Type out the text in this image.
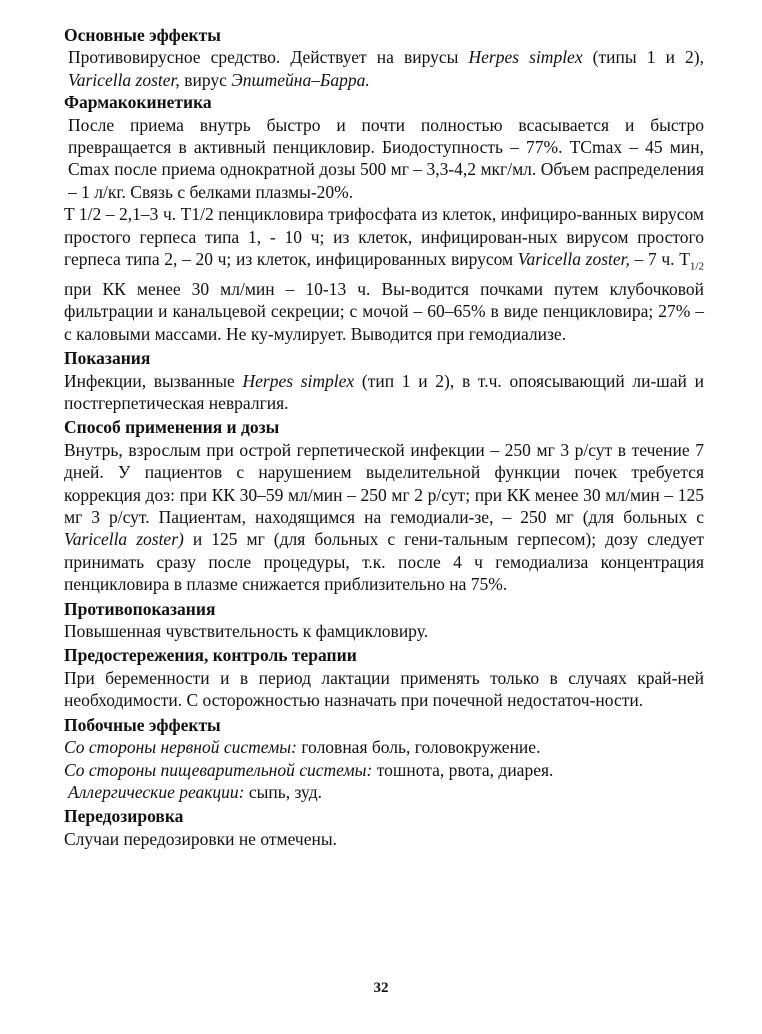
Основные эффекты

Противовирусное средство. Действует на вирусы Herpes simplex (типы 1 и 2), Varicella zoster, вирус Эпштейна–Барра.

Фармакокинетика

После приема внутрь быстро и почти полностью всасывается и быстро превращается в активный пенцикловир. Биодоступность – 77%. TCmax – 45 мин, Cmax после приема однократной дозы 500 мг – 3,3-4,2 мкг/мл. Объем распределения – 1 л/кг. Связь с белками плазмы-20%.

T 1/2 – 2,1–3 ч. T1/2 пенцикловира трифосфата из клеток, инфициро-ванных вирусом простого герпеса типа 1, - 10 ч; из клеток, инфицирован-ных вирусом простого герпеса типа 2, – 20 ч; из клеток, инфицированных вирусом Varicella zoster, – 7 ч. $T_{1/2}$ при КК менее 30 мл/мин – 10-13 ч. Вы-водится почками путем клубочковой фильтрации и канальцевой секреции; с мочой – 60–65% в виде пенцикловира; 27% – с каловыми массами. Не ку-мулирует. Выводится при гемодиализе.

Показания

Инфекции, вызванные Herpes simplex (тип 1 и 2), в т.ч. опоясывающий ли-шай и постгерпетическая невралгия.

Способ применения и дозы

Внутрь, взрослым при острой герпетической инфекции – 250 мг 3 р/сут в течение 7 дней. У пациентов с нарушением выделительной функции почек требуется коррекция доз: при КК 30–59 мл/мин – 250 мг 2 р/сут; при КК менее 30 мл/мин – 125 мг 3 р/сут. Пациентам, находящимся на гемодиали-зе, – 250 мг (для больных с Varicella zoster) и 125 мг (для больных с гени-тальным герпесом); дозу следует принимать сразу после процедуры, т.к. после 4 ч гемодиализа концентрация пенцикловира в плазме снижается приблизительно на 75%.

Противопоказания

Повышенная чувствительность к фамцикловиру.

Предостережения, контроль терапии

При беременности и в период лактации применять только в случаях край-ней необходимости. С осторожностью назначать при почечной недостаточ-ности.

Побочные эффекты

Со стороны нервной системы: головная боль, головокружение.

Со стороны пищеварительной системы: тошнота, рвота, диарея.

Аллергические реакции: сыпь, зуд.

Передозировка

Случаи передозировки не отмечены.

32
